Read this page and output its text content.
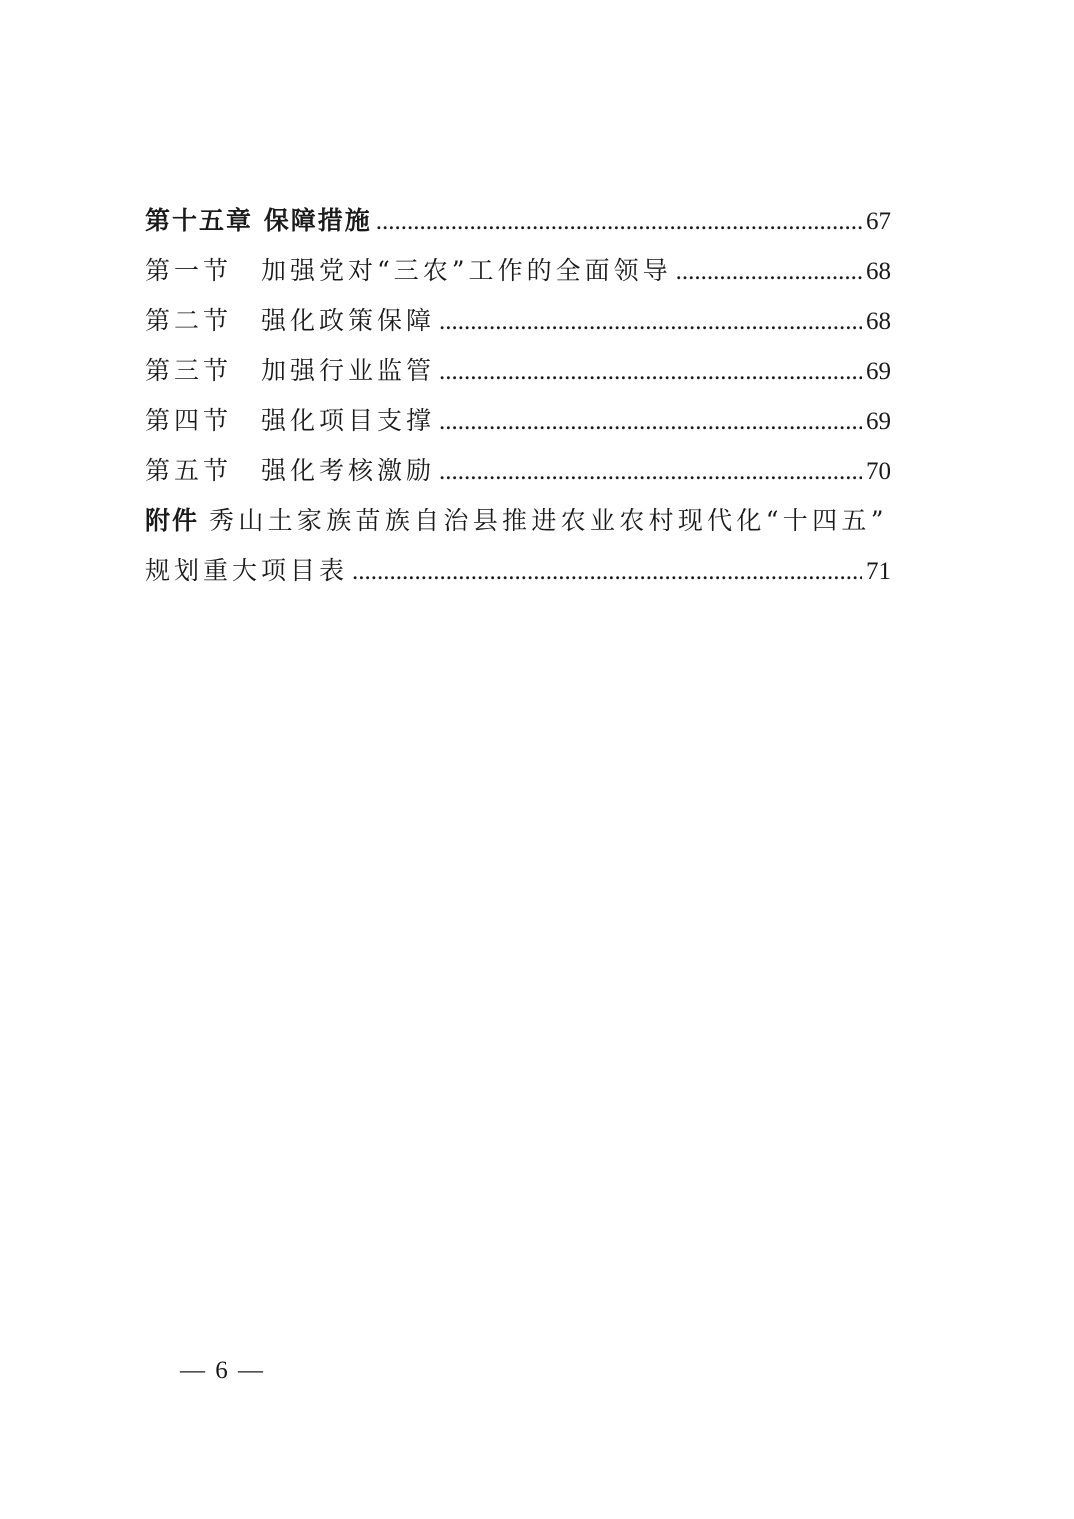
第十五章 保障措施 .....	67
第一节　加强党对“三农”工作的全面领导 .....	68
第二节　强化政策保障 .....	68
第三节　加强行业监管 .....	69
第四节　强化项目支撑 .....	69
第五节　强化考核激励 .....	70
附件 秀山土家族苗族自治县推进农业农村现代化“十四五”
规划重大项目表 .....	71
— 6 —
